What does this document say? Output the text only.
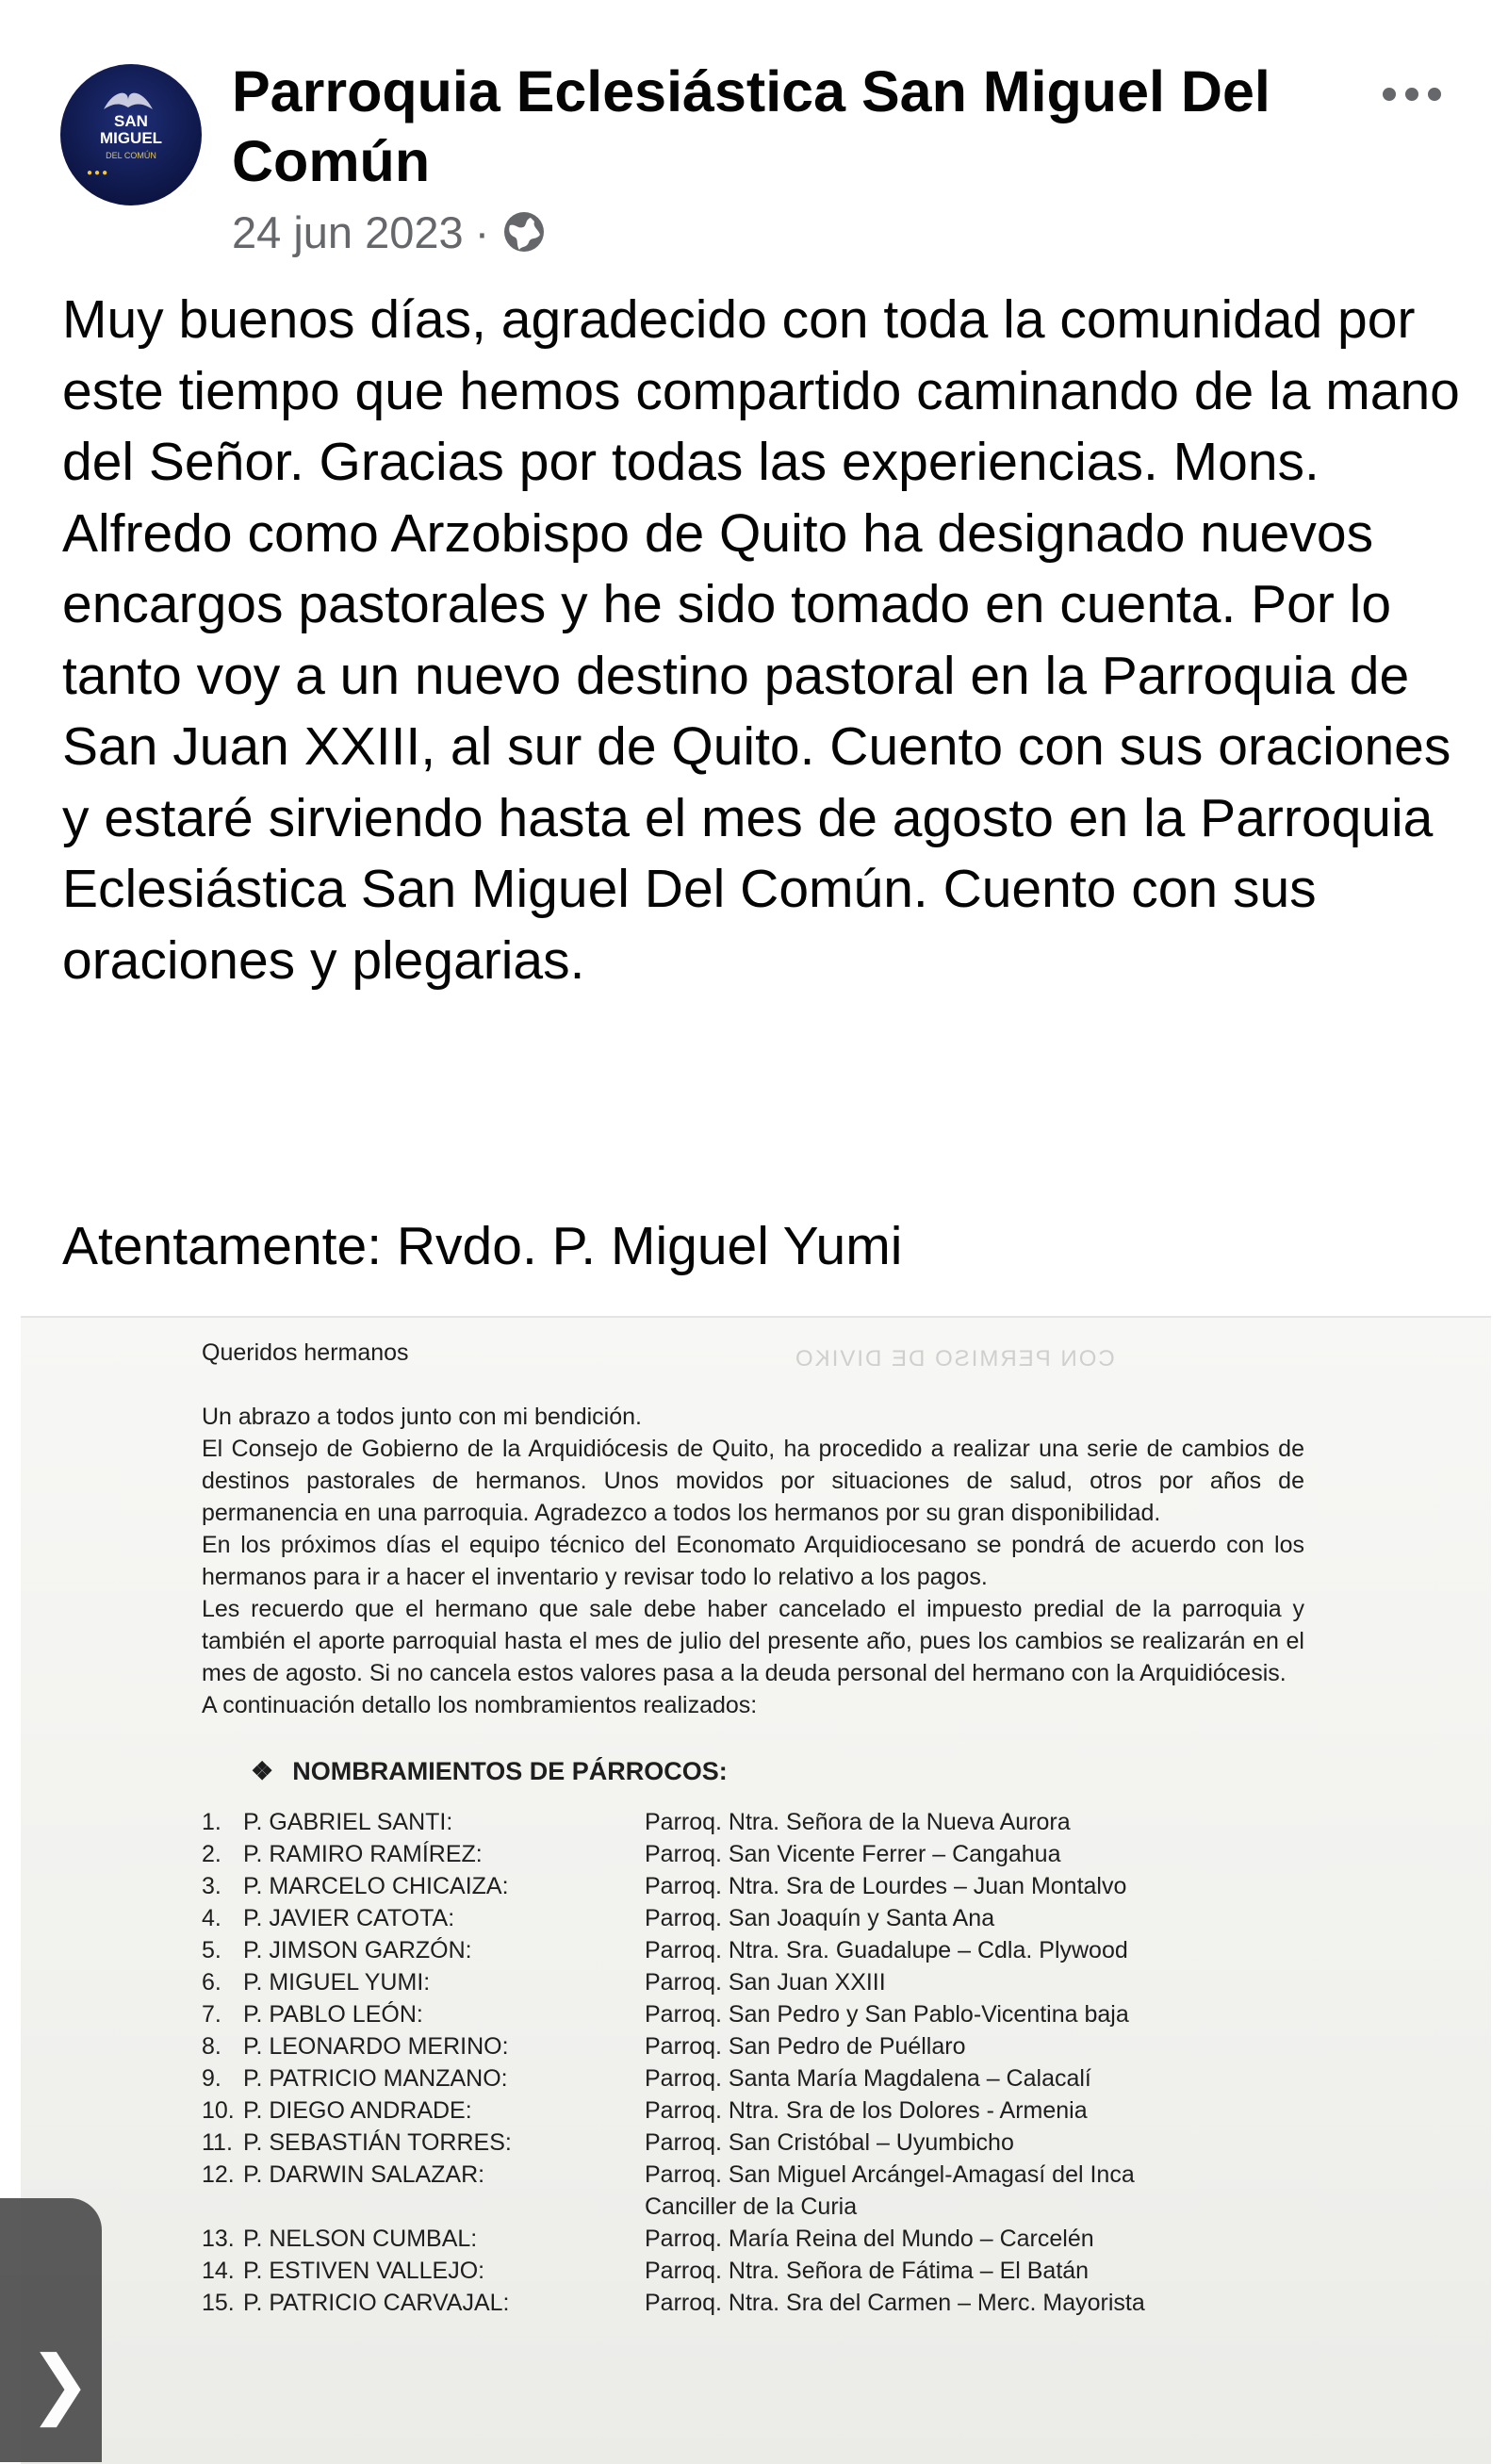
SAN
MIGUEL
DEL COMÚN
●●●
Parroquia Eclesiástica San Miguel Del Común
24 jun 2023 ·

Muy buenos días, agradecido con toda la comunidad por este tiempo que hemos compartido caminando de la mano del Señor. Gracias por todas las experiencias. Mons. Alfredo como Arzobispo de Quito ha designado nuevos encargos pastorales y he sido tomado en cuenta. Por lo tanto voy a un nuevo destino pastoral en la Parroquia de San Juan XXIII, al sur de Quito. Cuento con sus oraciones y estaré sirviendo hasta el mes de agosto en la Parroquia Eclesiástica San Miguel Del Común. Cuento con sus oraciones y plegarias.

Atentamente: Rvdo. P. Miguel Yumi
CON PERMISO DE DIVIKO

Queridos hermanos

Un abrazo a todos junto con mi bendición.

El Consejo de Gobierno de la Arquidiócesis de Quito, ha procedido a realizar una serie de cambios de destinos pastorales de hermanos. Unos movidos por situaciones de salud, otros por años de permanencia en una parroquia. Agradezco a todos los hermanos por su gran disponibilidad.

En los próximos días el equipo técnico del Economato Arquidiocesano se pondrá de acuerdo con los hermanos para ir a hacer el inventario y revisar todo lo relativo a los pagos.

Les recuerdo que el hermano que sale debe haber cancelado el impuesto predial de la parroquia y también el aporte parroquial hasta el mes de julio del presente año, pues los cambios se realizarán en el mes de agosto. Si no cancela estos valores pasa a la deuda personal del hermano con la Arquidiócesis.

A continuación detallo los nombramientos realizados:

❖ NOMBRAMIENTOS DE PÁRROCOS:

1. P. GABRIEL SANTI:	Parroq. Ntra. Señora de la Nueva Aurora
2. P. RAMIRO RAMÍREZ:	Parroq. San Vicente Ferrer – Cangahua
3. P. MARCELO CHICAIZA:	Parroq. Ntra. Sra de Lourdes – Juan Montalvo
4. P. JAVIER CATOTA:	Parroq. San Joaquín y Santa Ana
5. P. JIMSON GARZÓN:	Parroq. Ntra. Sra. Guadalupe – Cdla. Plywood
6. P. MIGUEL YUMI:	Parroq. San Juan XXIII
7. P. PABLO LEÓN:	Parroq. San Pedro y San Pablo-Vicentina baja
8. P. LEONARDO MERINO:	Parroq. San Pedro de Puéllaro
9. P. PATRICIO MANZANO:	Parroq. Santa María Magdalena – Calacalí
10. P. DIEGO ANDRADE:	Parroq. Ntra. Sra de los Dolores - Armenia
11. P. SEBASTIÁN TORRES:	Parroq. San Cristóbal – Uyumbicho
12. P. DARWIN SALAZAR:	Parroq. San Miguel Arcángel-Amagasí del Inca
Canciller de la Curia
13. P. NELSON CUMBAL:	Parroq. María Reina del Mundo – Carcelén
14. P. ESTIVEN VALLEJO:	Parroq. Ntra. Señora de Fátima – El Batán
15. P. PATRICIO CARVAJAL:	Parroq. Ntra. Sra del Carmen – Merc. Mayorista
❯
